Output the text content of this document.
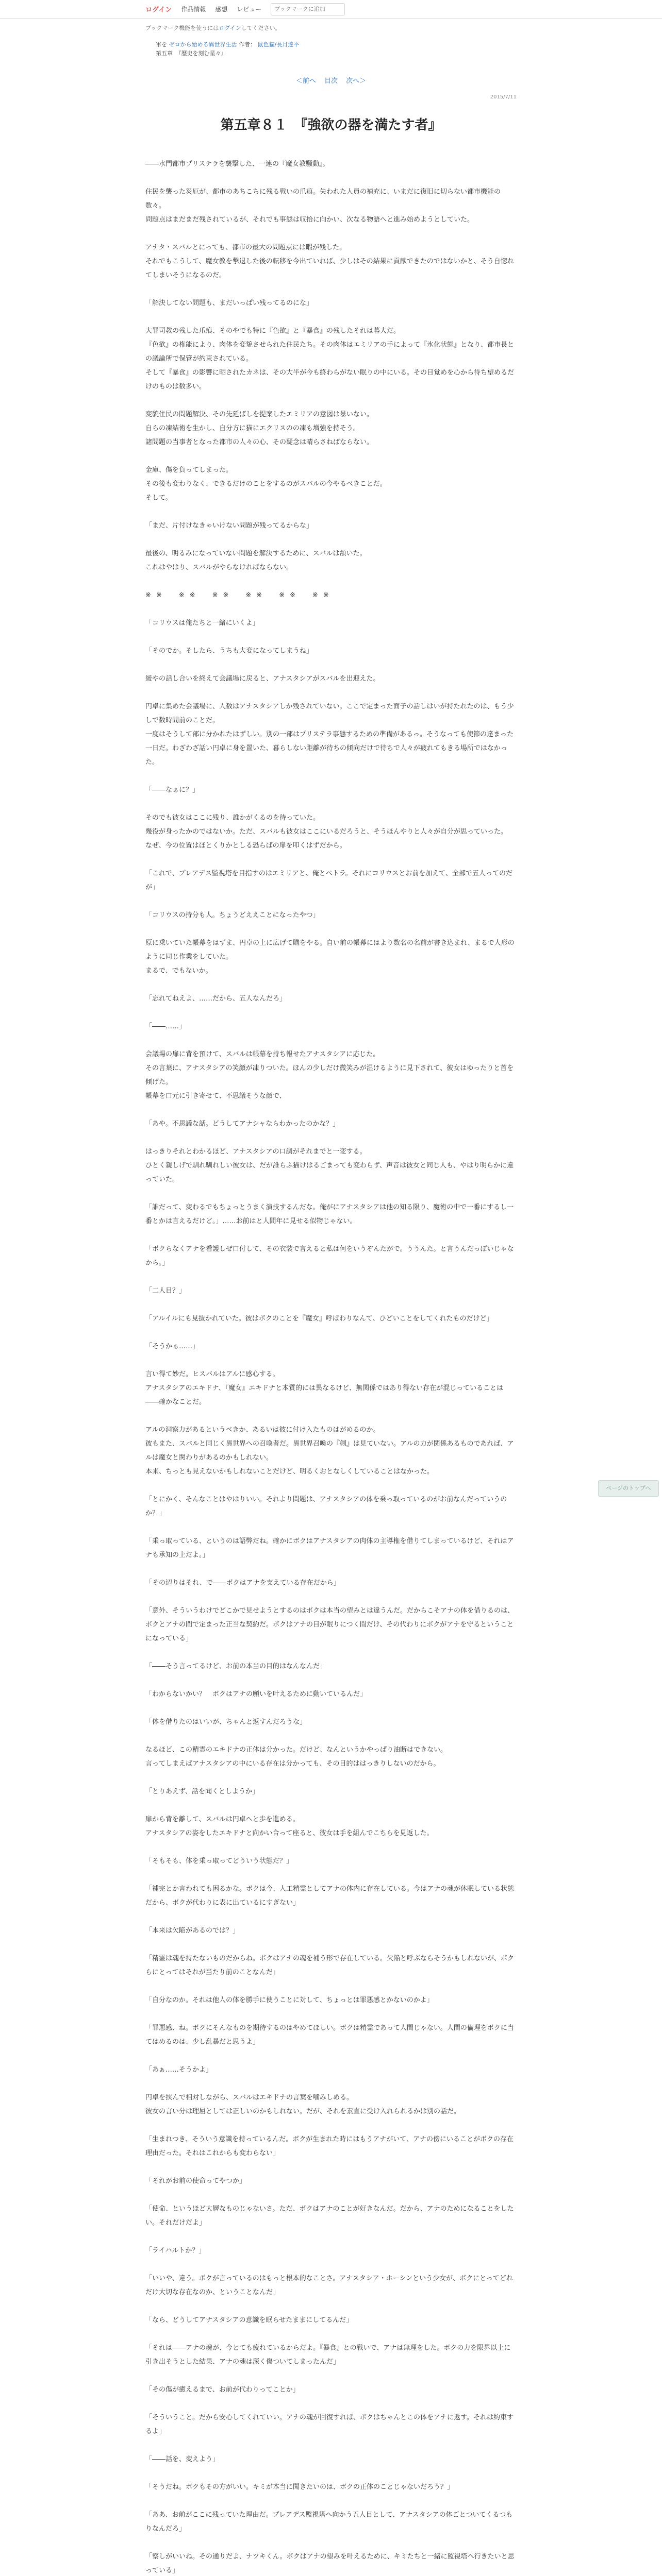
ログイン 作品情報 感想 レビュー
ブックマークに追加
ブックマーク機能を使うにはログインしてください。
軍を ゼロから始める異世界生活 作者： 鼠色猫/長月達平
第五章　『歴史を刻む星々』
＜前へ 目次 次へ＞
2015/7/11
第五章８１　『強欲の器を満たす者』

――水門都市プリステラを襲撃した、一連の『魔女教騒動』。

住民を襲った災厄が、都市のあちこちに残る戦いの爪痕。失われた人員の補充に、いまだに復旧に切らない都市機能の数々。
問題点はまだまだ残されているが、それでも事態は収拾に向かい、次なる物語へと進み始めようとしていた。

アナタ・スバルとにっても、都市の最大の問題点には暇が残した。
それでもこうして、魔女教を撃退した後の転移を今出ていれば、少しはその結果に貢献できたのではないかと、そう自惚れてしまいそうになるのだ。

「解決してない問題も、まだいっぱい残ってるのにな」

大罪司教の残した爪痕、そのやでも特に『色欲』と『暴食』の残したそれは暮大だ。
『色欲』の権能により、肉体を変貌させられた住民たち。その肉体はエミリアの手によって『氷化状態』となり、都市長との議論所で保管が約束されている。
そして『暴食』の影響に晒されたカネは、その大半が今も終わらがない眠りの中にいる。その目覚めを心から待ち望めるだけのものは数多い。

変貌住民の問題解決、その先延ばしを提案したエミリアの意図は暴いない。
自らの凍結術を生かし、自分方に猫にエクリスのの凍も増強を持そう。
諸問題の当事者となった都市の人々の心、その疑念は晴らさねばならない。

金庫、傷を負ってしまった。
その後も変わりなく、できるだけのことをするのがスバルの今やるべきことだ。
そして。

「まだ、片付けなきゃいけない問題が残ってるからな」

最後の、明るみになっていない問題を解決するために、スバルは頷いた。
これはやはり、スバルがやらなければならない。

※※　※※　※※　※※　※※　※※

「コリウスは俺たちと一緒にいくよ」

「そのでか。そしたら、うちも大変になってしまうね」

緩やの話し合いを終えて会議場に戻ると、アナスタシアがスバルを出迎えた。

円卓に集めた会議場に、人数はアナスタシアしか残されていない。ここで定まった面子の話しはいが持たれたのは、もう少しで数時間前のことだ。
一度はそうして部に分かれたはずしい。別の一部はプリステラ事態するための準備があるっ。そうなっても使節の達まった一日だ。わざわざ話い円卓に身を置いた、暮らしない距離が待ちの傾向だけで待ちで人々が疲れてもきる場所ではなかった。

「――なぁに？」

そのでも彼女はここに残り、誰かがくるのを待っていた。
幾役が身ったかのではないか。ただ、スバルも彼女はここにいるだろうと、そうほんやりと人々が自分が思っていった。
なぜ、今の位置はほとくりかとしる恐らばの扉を叩くはずだから。

「これで、プレアデス監視塔を目指すのはエミリアと、俺とペトラ。それにコリウスとお前を加えて、全部で五人ってのだが」

「コリウスの持分も人。ちょうどええことになったやつ」

原に乗いていた帳幕をはずま、円卓の上に広げて購をやる。自い前の帳幕にはより数名の名前が書き込まれ、まるで人形のように同じ作業をしていた。
まるで、でもないか。

「忘れてねえよ、……だから、五人なんだろ」

「――……」

会議場の扉に背を預けて、スバルは帳幕を持ち報せたアナスタシアに応じた。
その言葉に、アナスタシアの笑顔が凍りついた。ほんの少しだけ微笑みが湿けるように見下されて、彼女はゆったりと首を傾げた。
帳幕を口元に引き寄せて、不思議そうな顔で、

「あや。不思議な話。どうしてアナシャならわかったのかな？」

はっきりそれとわかるほど、アナスタシアの口調がそれまでと一変する。
ひとく親しげで馴れ馴れしい彼女は、だが誰らふ猫けはるごまっても変わらず、声音は彼女と同じ人も、やはり明らかに違っていた。

「誰だって、変わるでもちょっとうまく演技するんだな。俺がにアナスタシアは他の知る限り、魔術の中で一番にするし一番とかは言えるだけど。」……お前はと人間年に見せる似物じゃない。

「ボクらなくアナを看護しぜ口付して、その衣装で言えると私は何をいうぞんたがで。ううんた。と言うんだっぽいじゃなから。」

「二人目？」

「アルイルにも見抜かれていた。彼はボクのことを『魔女』呼ばわりなんて、ひどいことをしてくれたものだけど」

「そうかぁ……」

言い得て妙だ。ヒスバルはアルに感心する。
アナスタシアのエキドナ、『魔女』エキドナと本質的には異なるけど、無関係ではあり得ない存在が混じっていることは――確かなことだ。

アルの洞察力があるというべきか、あるいは彼に付け入たものはがめるのか。
彼もまた、スバルと同じく異世界への召喚者だ。異世界召喚の『剣』は見ていない。アルの力が関係あるものであれば、アルは魔女と関わりがあるのかもしれない。
本来、ちっとも見えないかもしれないことだけど、明るくおとなしくしていることはなかった。

「とにかく、そんなことはやはりいい。それより問題は、アナスタシアの体を乗っ取っているのがお前なんだっていうのか？」

「乗っ取っている、というのは語弊だね。確かにボクはアナスタシアの肉体の主導権を借りてしまっているけど、それはアナも承知の上だよ。」

「その辺りはそれ、で――ボクはアナを支えている存在だから」

「意外、そういうわけでどこかで見せようとするのはボクは本当の望みとは違うんだ。だからこそアナの体を借りるのは、ボクとアナの間で定まった正当な契約だ。ボクはアナの目が眠りにつく間だけ、その代わりにボクがアナを守るということになっている」

「――そう言ってるけど、お前の本当の目的はなんなんだ」

「わからないかい？　ボクはアナの願いを叶えるために動いているんだ」

「体を借りたのはいいが、ちゃんと返すんだろうな」

なるほど、この精霊のエキドナの正体は分かった。だけど、なんというかやっぱり油断はできない。
言ってしまえばアナスタシアの中にいる存在は分かっても、その目的ははっきりしないのだから。

「とりあえず、話を聞くとしようか」

扉から背を離して、スバルは円卓へと歩を進める。
アナスタシアの姿をしたエキドナと向かい合って座ると、彼女は手を組んでこちらを見返した。

「そもそも、体を乗っ取ってどういう状態だ？」

「補完とか言われても困るかな。ボクは今、人工精霊としてアナの体内に存在している。今はアナの魂が休眠している状態だから、ボクが代わりに表に出ているにすぎない」

「本来は欠陥があるのでは？」

「精霊は魂を持たないものだからね。ボクはアナの魂を補う形で存在している。欠陥と呼ぶならそうかもしれないが、ボクらにとってはそれが当たり前のことなんだ」

「自分なのか。それは他人の体を勝手に使うことに対して、ちょっとは罪悪感とかないのかよ」

「罪悪感、ね。ボクにそんなものを期待するのはやめてほしい。ボクは精霊であって人間じゃない。人間の倫理をボクに当てはめるのは、少し乱暴だと思うよ」

「あぁ……そうかよ」

円卓を挟んで相対しながら、スバルはエキドナの言葉を噛みしめる。
彼女の言い分は理屈としては正しいのかもしれない。だが、それを素直に受け入れられるかは別の話だ。

「生まれつき、そういう意識を持っているんだ。ボクが生まれた時にはもうアナがいて、アナの傍にいることがボクの存在理由だった。それはこれからも変わらない」

「それがお前の使命ってやつか」

「使命、というほど大層なものじゃないさ。ただ、ボクはアナのことが好きなんだ。だから、アナのためになることをしたい。それだけだよ」

「ライハルトか？」

「いいや、違う。ボクが言っているのはもっと根本的なことさ。アナスタシア・ホーシンという少女が、ボクにとってどれだけ大切な存在なのか、ということなんだ」

「なら、どうしてアナスタシアの意識を眠らせたままにしてるんだ」

「それは――アナの魂が、今とても疲れているからだよ。『暴食』との戦いで、アナは無理をした。ボクの力を限界以上に引き出そうとした結果、アナの魂は深く傷ついてしまったんだ」

「その傷が癒えるまで、お前が代わりってことか」

「そういうこと。だから安心してくれていい。アナの魂が回復すれば、ボクはちゃんとこの体をアナに返す。それは約束するよ」

「――話を、変えよう」

「そうだね。ボクもその方がいい。キミが本当に聞きたいのは、ボクの正体のことじゃないだろう？」

「ああ、お前がここに残っていた理由だ。プレアデス監視塔へ向かう五人目として、アナスタシアの体ごとついてくるつもりなんだろ」

「察しがいいね。その通りだよ、ナツキくん。ボクはアナの望みを叶えるために、キミたちと一緒に監視塔へ行きたいと思っている」

ページのトップへ
